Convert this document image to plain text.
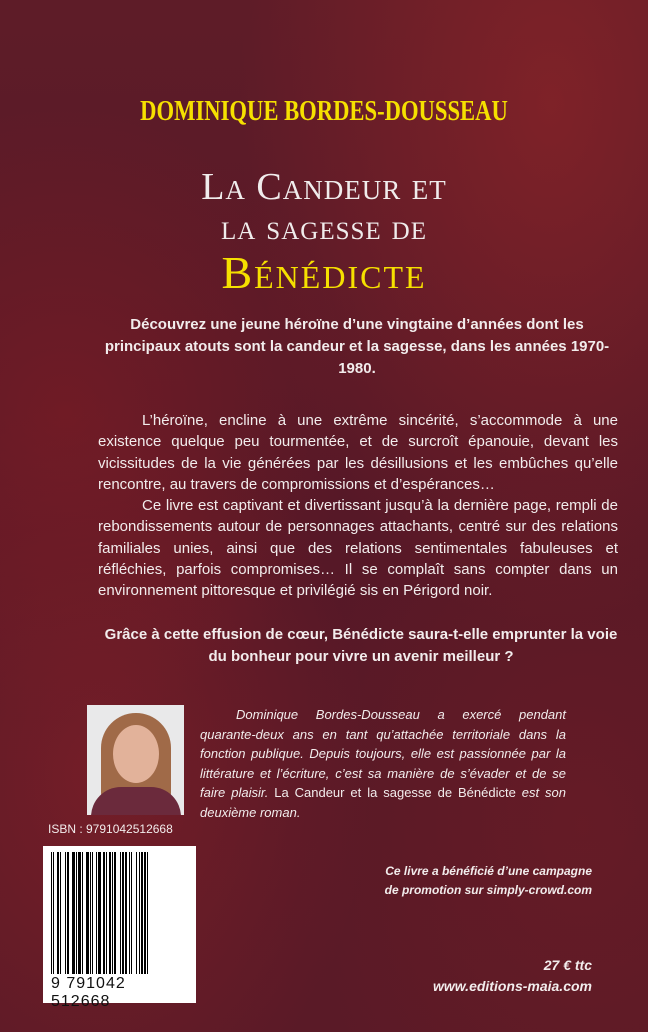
DOMINIQUE BORDES-DOUSSEAU
La Candeur et
la sagesse de
Bénédicte
Découvrez une jeune héroïne d’une vingtaine d’années dont les principaux atouts sont la candeur et la sagesse, dans les années 1970-1980.

L’héroïne, encline à une extrême sincérité, s’accommode à une existence quelque peu tourmentée, et de surcroît épanouie, devant les vicissitudes de la vie générées par les désillusions et les embûches qu’elle rencontre, au travers de compromissions et d’espérances…

Ce livre est captivant et divertissant jusqu’à la dernière page, rempli de rebondissements autour de personnages attachants, centré sur des relations familiales unies, ainsi que des relations sentimentales fabuleuses et réfléchies, parfois compromises… Il se complaît sans compter dans un environnement pittoresque et privilégié sis en Périgord noir.

Grâce à cette effusion de cœur, Bénédicte saura-t-elle emprunter la voie du bonheur pour vivre un avenir meilleur ?

Dominique Bordes-Dousseau a exercé pendant quarante-deux ans en tant qu’attachée territoriale dans la fonction publique. Depuis toujours, elle est passionnée par la littérature et l’écriture, c’est sa manière de s’évader et de se faire plaisir. La Candeur et la sagesse de Bénédicte est son deuxième roman.

ISBN : 9791042512668
9 791042 512668
Ce livre a bénéficié d’une campagne
de promotion sur simply-crowd.com
27 € ttc
www.editions-maia.com
